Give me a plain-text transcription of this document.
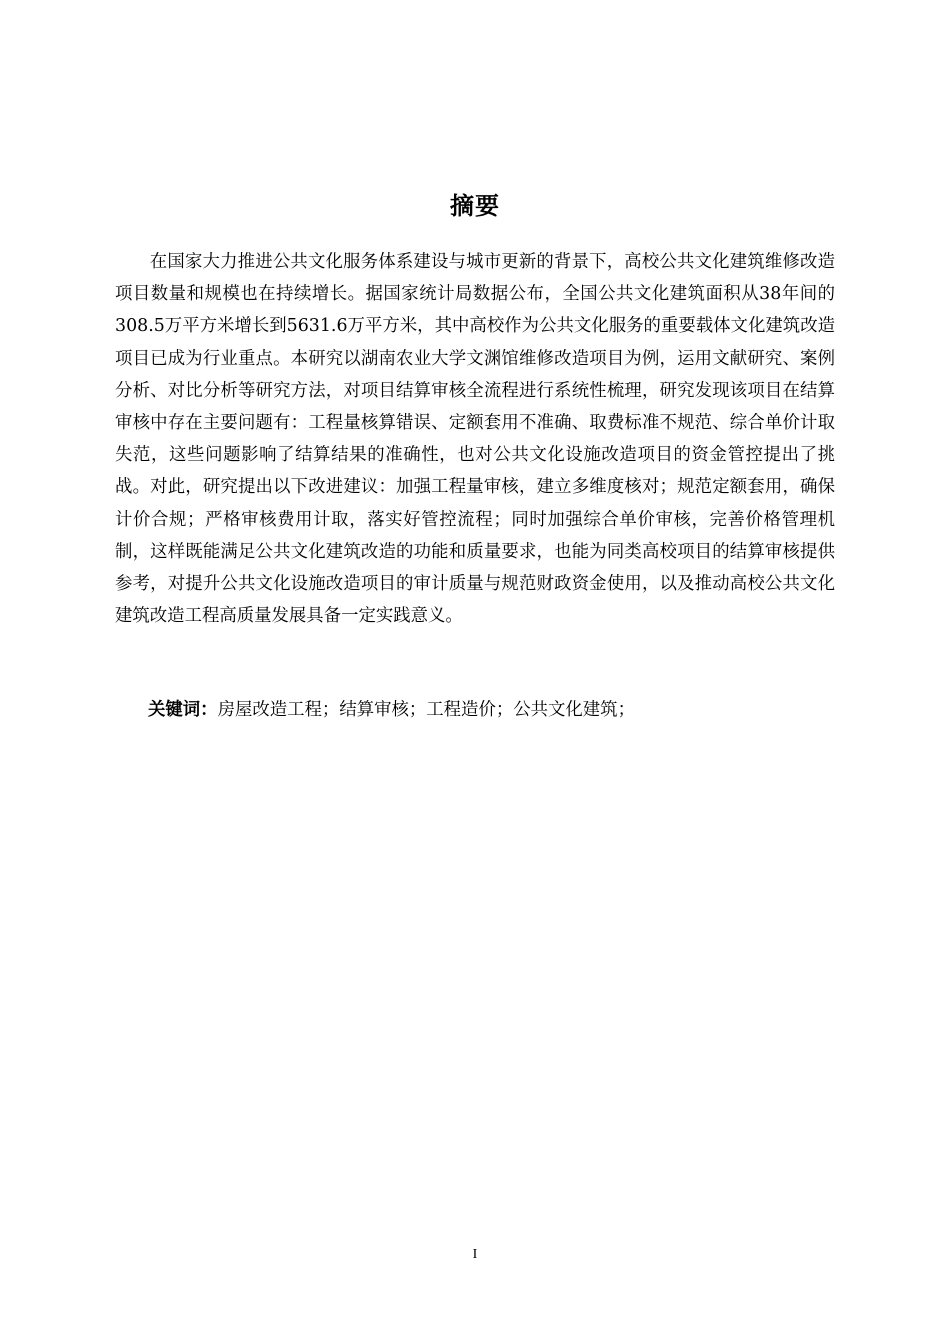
摘要

在国家大力推进公共文化服务体系建设与城市更新的背景下，高校公共文化建筑维修改造项目数量和规模也在持续增长。据国家统计局数据公布，全国公共文化建筑面积从38年间的308.5万平方米增长到5631.6万平方米，其中高校作为公共文化服务的重要载体文化建筑改造项目已成为行业重点。本研究以湖南农业大学文渊馆维修改造项目为例，运用文献研究、案例分析、对比分析等研究方法，对项目结算审核全流程进行系统性梳理，研究发现该项目在结算审核中存在主要问题有：工程量核算错误、定额套用不准确、取费标准不规范、综合单价计取失范，这些问题影响了结算结果的准确性，也对公共文化设施改造项目的资金管控提出了挑战。对此，研究提出以下改进建议：加强工程量审核，建立多维度核对；规范定额套用，确保计价合规；严格审核费用计取，落实好管控流程；同时加强综合单价审核，完善价格管理机制，这样既能满足公共文化建筑改造的功能和质量要求，也能为同类高校项目的结算审核提供参考，对提升公共文化设施改造项目的审计质量与规范财政资金使用，以及推动高校公共文化建筑改造工程高质量发展具备一定实践意义。

关键词：房屋改造工程；结算审核；工程造价；公共文化建筑；
I
